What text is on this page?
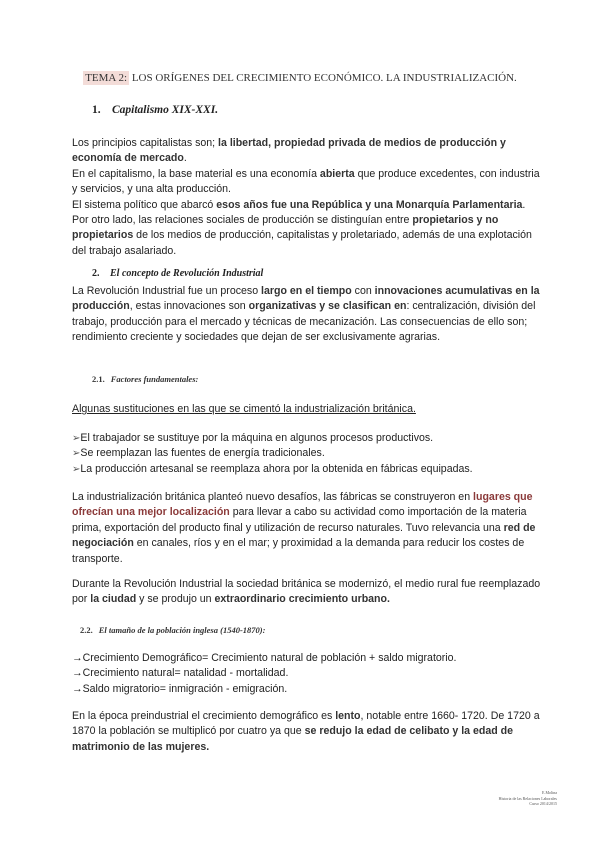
TEMA 2: LOS ORÍGENES DEL CRECIMIENTO ECONÓMICO. LA INDUSTRIALIZACIÓN.

1. Capitalismo XIX-XXI.

Los principios capitalistas son; la libertad, propiedad privada de medios de producción y economía de mercado.
En el capitalismo, la base material es una economía abierta que produce excedentes, con industria y servicios, y una alta producción.
El sistema político que abarcó esos años fue una República y una Monarquía Parlamentaria. Por otro lado, las relaciones sociales de producción se distinguían entre propietarios y no propietarios de los medios de producción, capitalistas y proletariado, además de una explotación del trabajo asalariado.

2. El concepto de Revolución Industrial

La Revolución Industrial fue un proceso largo en el tiempo con innovaciones acumulativas en la producción, estas innovaciones son organizativas y se clasifican en: centralización, división del trabajo, producción para el mercado y técnicas de mecanización. Las consecuencias de ello son; rendimiento creciente y sociedades que dejan de ser exclusivamente agrarias.

2.1. Factores fundamentales:

Algunas sustituciones en las que se cimentó la industrialización británica.

➢El trabajador se sustituye por la máquina en algunos procesos productivos.
➢Se reemplazan las fuentes de energía tradicionales.
➢La producción artesanal se reemplaza ahora por la obtenida en fábricas equipadas.

La industrialización británica planteó nuevo desafíos, las fábricas se construyeron en lugares que ofrecían una mejor localización para llevar a cabo su actividad como importación de la materia prima, exportación del producto final y utilización de recurso naturales. Tuvo relevancia una red de negociación en canales, ríos y en el mar; y proximidad a la demanda para reducir los costes de transporte.

Durante la Revolución Industrial la sociedad británica se modernizó, el medio rural fue reemplazado por la ciudad y se produjo un extraordinario crecimiento urbano.

2.2. El tamaño de la población inglesa (1540-1870):

→Crecimiento Demográfico= Crecimiento natural de población + saldo migratorio.
→Crecimiento natural= natalidad - mortalidad.
→Saldo migratorio= inmigración - emigración.

En la época preindustrial el crecimiento demográfico es lento, notable entre 1660- 1720. De 1720 a 1870 la población se multiplicó por cuatro ya que se redujo la edad de celibato y la edad de matrimonio de las mujeres.

E.Molina
Historia de las Relaciones Laborales
Curso 2014/2015
